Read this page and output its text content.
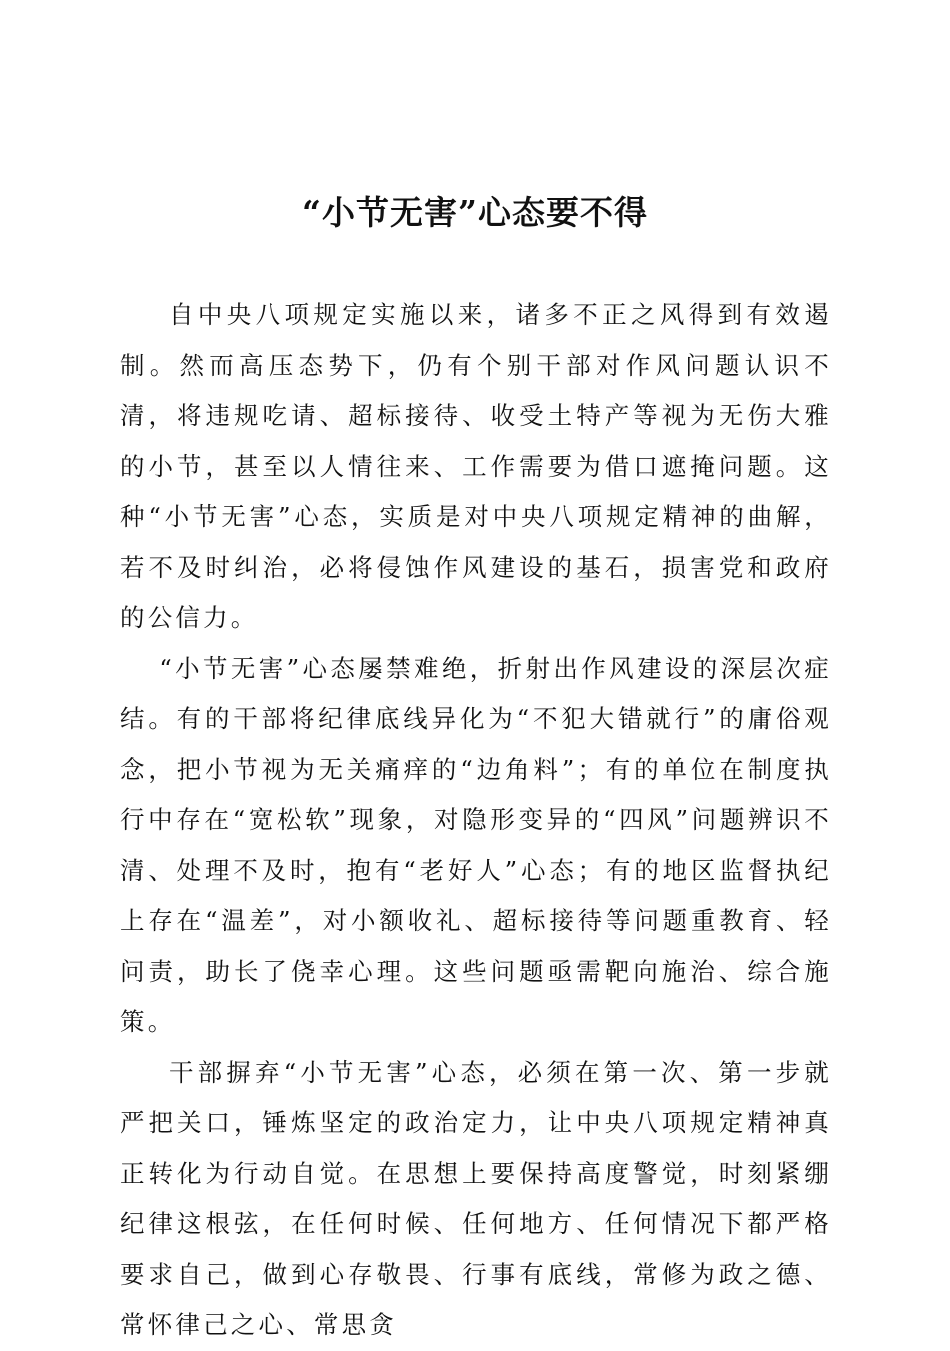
“小节无害”心态要不得

自中央八项规定实施以来，诸多不正之风得到有效遏制。然而高压态势下，仍有个别干部对作风问题认识不清，将违规吃请、超标接待、收受土特产等视为无伤大雅的小节，甚至以人情往来、工作需要为借口遮掩问题。这种“小节无害”心态，实质是对中央八项规定精神的曲解，若不及时纠治，必将侵蚀作风建设的基石，损害党和政府的公信力。

“小节无害”心态屡禁难绝，折射出作风建设的深层次症结。有的干部将纪律底线异化为“不犯大错就行”的庸俗观念，把小节视为无关痛痒的“边角料”；有的单位在制度执行中存在“宽松软”现象，对隐形变异的“四风”问题辨识不清、处理不及时，抱有“老好人”心态；有的地区监督执纪上存在“温差”，对小额收礼、超标接待等问题重教育、轻问责，助长了侥幸心理。这些问题亟需靶向施治、综合施策。

干部摒弃“小节无害”心态，必须在第一次、第一步就严把关口，锤炼坚定的政治定力，让中央八项规定精神真正转化为行动自觉。在思想上要保持高度警觉，时刻紧绷纪律这根弦，在任何时候、任何地方、任何情况下都严格要求自己，做到心存敬畏、行事有底线，常修为政之德、常怀律己之心、常思贪
